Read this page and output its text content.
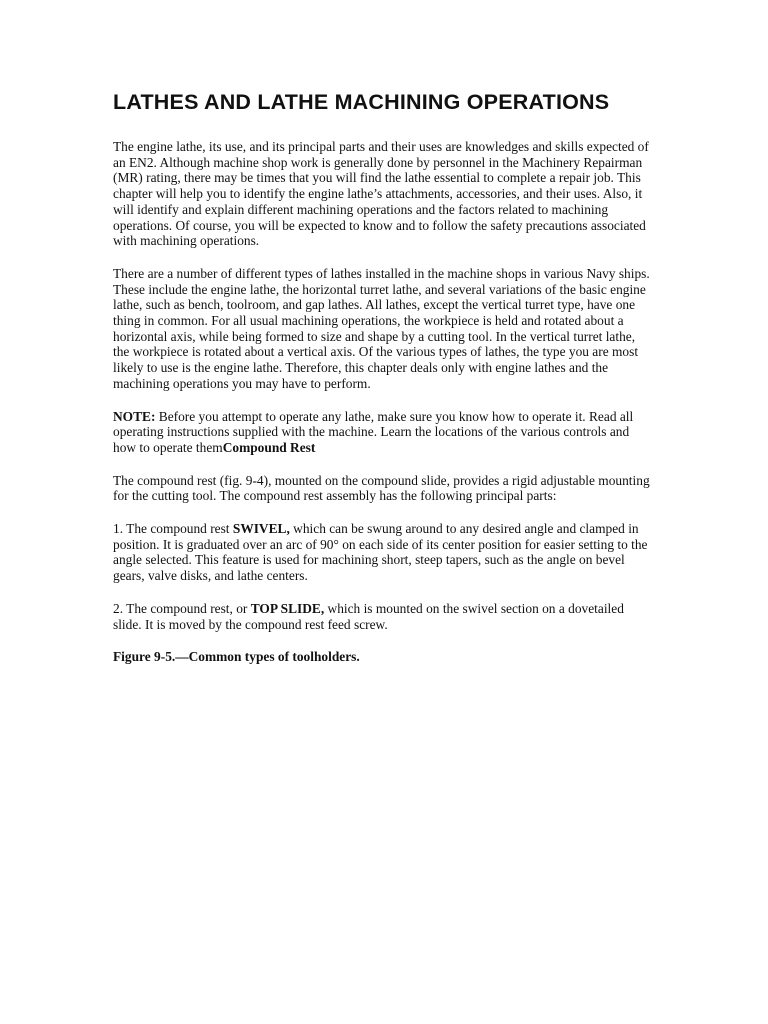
LATHES AND LATHE MACHINING OPERATIONS

The engine lathe, its use, and its principal parts and their uses are knowledges and skills expected of an EN2. Although machine shop work is generally done by personnel in the Machinery Repairman (MR) rating, there may be times that you will find the lathe essential to complete a repair job. This chapter will help you to identify the engine lathe’s attachments, accessories, and their uses. Also, it will identify and explain different machining operations and the factors related to machining operations. Of course, you will be expected to know and to follow the safety precautions associated with machining operations.

There are a number of different types of lathes installed in the machine shops in various Navy ships. These include the engine lathe, the horizontal turret lathe, and several variations of the basic engine lathe, such as bench, toolroom, and gap lathes. All lathes, except the vertical turret type, have one thing in common. For all usual machining operations, the workpiece is held and rotated about a horizontal axis, while being formed to size and shape by a cutting tool. In the vertical turret lathe, the workpiece is rotated about a vertical axis. Of the various types of lathes, the type you are most likely to use is the engine lathe. Therefore, this chapter deals only with engine lathes and the machining operations you may have to perform.

NOTE: Before you attempt to operate any lathe, make sure you know how to operate it. Read all operating instructions supplied with the machine. Learn the locations of the various controls and how to operate themCompound Rest

The compound rest (fig. 9-4), mounted on the compound slide, provides a rigid adjustable mounting for the cutting tool. The compound rest assembly has the following principal parts:

1. The compound rest SWIVEL, which can be swung around to any desired angle and clamped in position. It is graduated over an arc of 90° on each side of its center position for easier setting to the angle selected. This feature is used for machining short, steep tapers, such as the angle on bevel gears, valve disks, and lathe centers.

2. The compound rest, or TOP SLIDE, which is mounted on the swivel section on a dovetailed slide. It is moved by the compound rest feed screw.

Figure 9-5.—Common types of toolholders.
